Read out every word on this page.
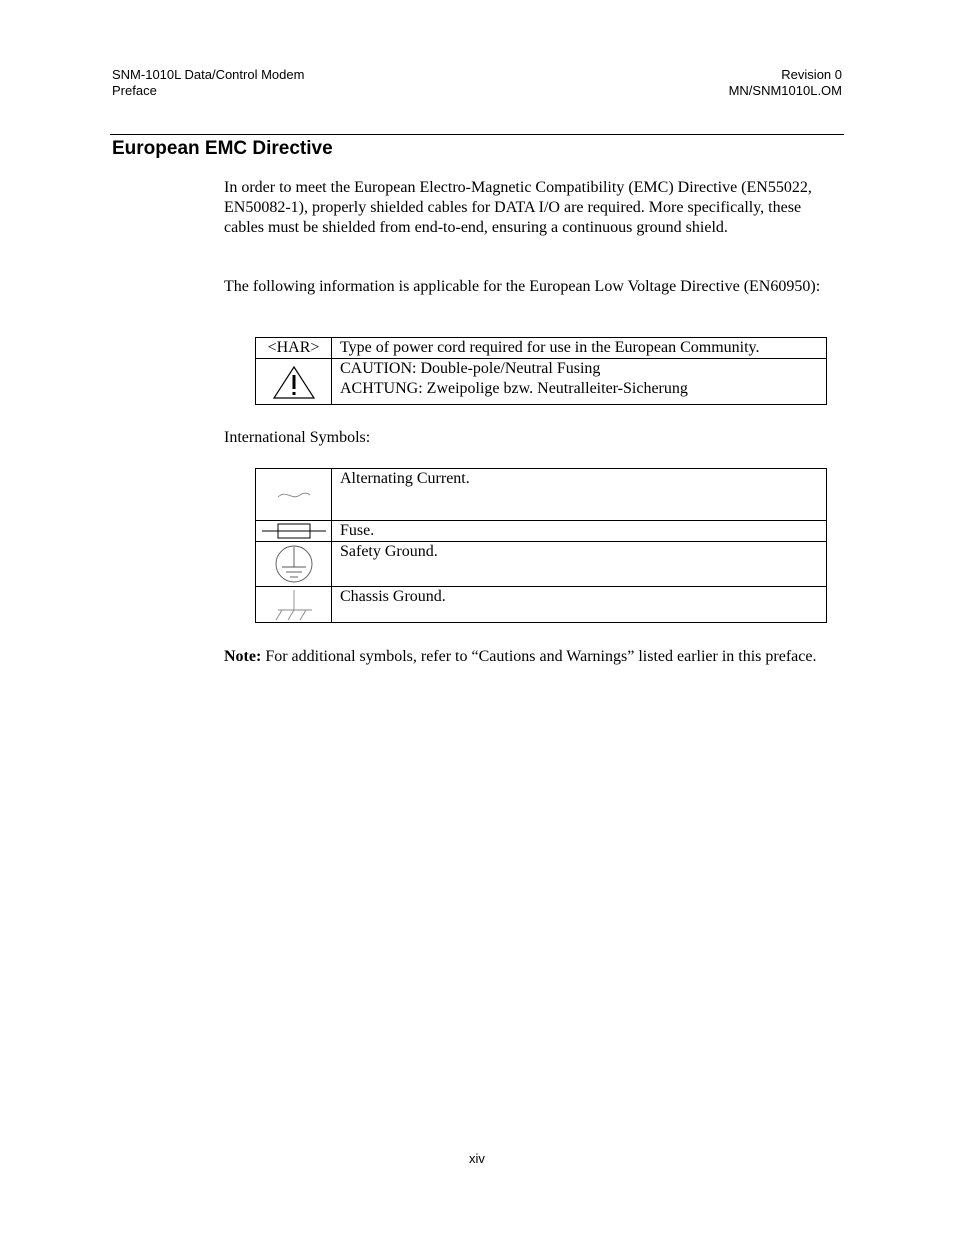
SNM-1010L Data/Control Modem
Preface
Revision 0
MN/SNM1010L.OM
European EMC Directive

In order to meet the European Electro-Magnetic Compatibility (EMC) Directive (EN55022, EN50082-1), properly shielded cables for DATA I/O are required. More specifically, these cables must be shielded from end-to-end, ensuring a continuous ground shield.

The following information is applicable for the European Low Voltage Directive (EN60950):

<HAR>	Type of power cord required for use in the European Community.

CAUTION: Double-pole/Neutral Fusing
ACHTUNG: Zweipolige bzw. Neutralleiter-Sicherung

International Symbols:

	Alternating Current.

	Fuse.

	Safety Ground.

	Chassis Ground.

Note: For additional symbols, refer to “Cautions and Warnings” listed earlier in this preface.

xiv
